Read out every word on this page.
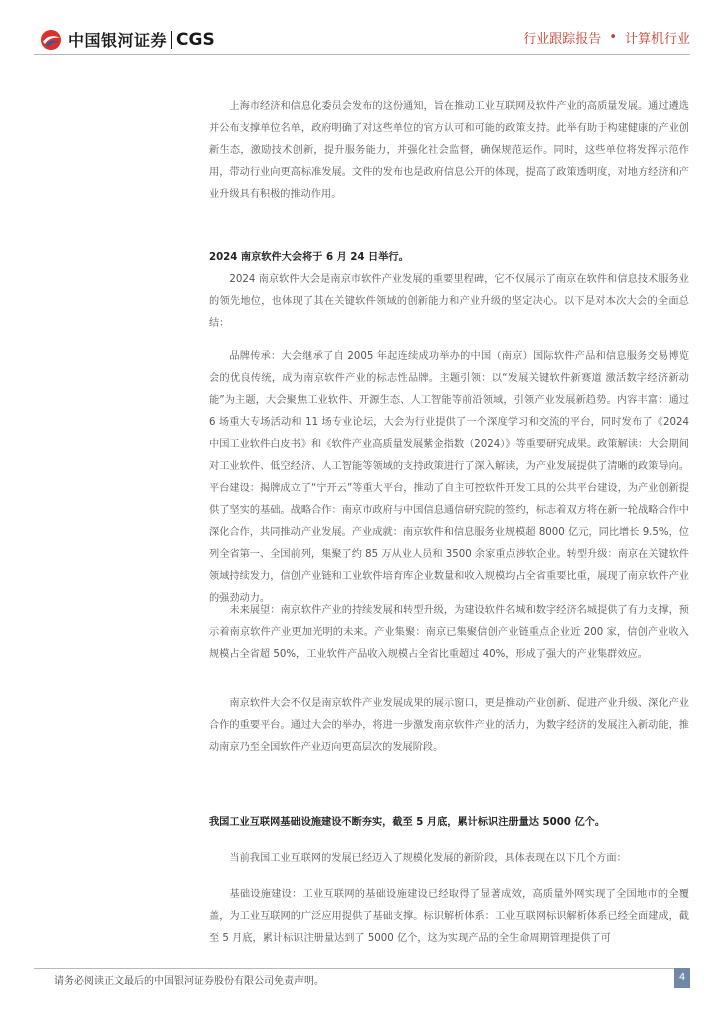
中国银河证券 CGS	行业跟踪报告 • 计算机行业

上海市经济和信息化委员会发布的这份通知，旨在推动工业互联网及软件产业的高质量发展。通过遴选并公布支撑单位名单，政府明确了对这些单位的官方认可和可能的政策支持。此举有助于构建健康的产业创新生态，激励技术创新，提升服务能力，并强化社会监督，确保规范运作。同时，这些单位将发挥示范作用，带动行业向更高标准发展。文件的发布也是政府信息公开的体现，提高了政策透明度，对地方经济和产业升级具有积极的推动作用。

2024 南京软件大会将于 6 月 24 日举行。

2024 南京软件大会是南京市软件产业发展的重要里程碑，它不仅展示了南京在软件和信息技术服务业的领先地位，也体现了其在关键软件领域的创新能力和产业升级的坚定决心。以下是对本次大会的全面总结：

品牌传承：大会继承了自 2005 年起连续成功举办的中国（南京）国际软件产品和信息服务交易博览会的优良传统，成为南京软件产业的标志性品牌。主题引领：以“发展关键软件新赛道 激活数字经济新动能”为主题，大会聚焦工业软件、开源生态、人工智能等前沿领域，引领产业发展新趋势。内容丰富：通过 6 场重大专场活动和 11 场专业论坛，大会为行业提供了一个深度学习和交流的平台，同时发布了《2024 中国工业软件白皮书》和《软件产业高质量发展紫金指数（2024）》等重要研究成果。政策解读：大会期间对工业软件、低空经济、人工智能等领域的支持政策进行了深入解读，为产业发展提供了清晰的政策导向。平台建设：揭牌成立了“宁开云”等重大平台，推动了自主可控软件开发工具的公共平台建设，为产业创新提供了坚实的基础。战略合作：南京市政府与中国信息通信研究院的签约，标志着双方将在新一轮战略合作中深化合作，共同推动产业发展。产业成就：南京软件和信息服务业规模超 8000 亿元，同比增长 9.5%，位列全省第一、全国前列，集聚了约 85 万从业人员和 3500 余家重点涉软企业。转型升级：南京在关键软件领域持续发力，信创产业链和工业软件培育库企业数量和收入规模均占全省重要比重，展现了南京软件产业的强劲动力。

未来展望：南京软件产业的持续发展和转型升级，为建设软件名城和数字经济名城提供了有力支撑，预示着南京软件产业更加光明的未来。产业集聚：南京已集聚信创产业链重点企业近 200 家，信创产业收入规模占全省超 50%，工业软件产品收入规模占全省比重超过 40%，形成了强大的产业集群效应。

南京软件大会不仅是南京软件产业发展成果的展示窗口，更是推动产业创新、促进产业升级、深化产业合作的重要平台。通过大会的举办，将进一步激发南京软件产业的活力，为数字经济的发展注入新动能，推动南京乃至全国软件产业迈向更高层次的发展阶段。

我国工业互联网基础设施建设不断夯实，截至 5 月底，累计标识注册量达 5000 亿个。

当前我国工业互联网的发展已经迈入了规模化发展的新阶段，具体表现在以下几个方面：

基础设施建设：工业互联网的基础设施建设已经取得了显著成效，高质量外网实现了全国地市的全覆盖，为工业互联网的广泛应用提供了基础支撑。标识解析体系：工业互联网标识解析体系已经全面建成，截至 5 月底，累计标识注册量达到了 5000 亿个，这为实现产品的全生命周期管理提供了可

请务必阅读正文最后的中国银河证券股份有限公司免责声明。	4
